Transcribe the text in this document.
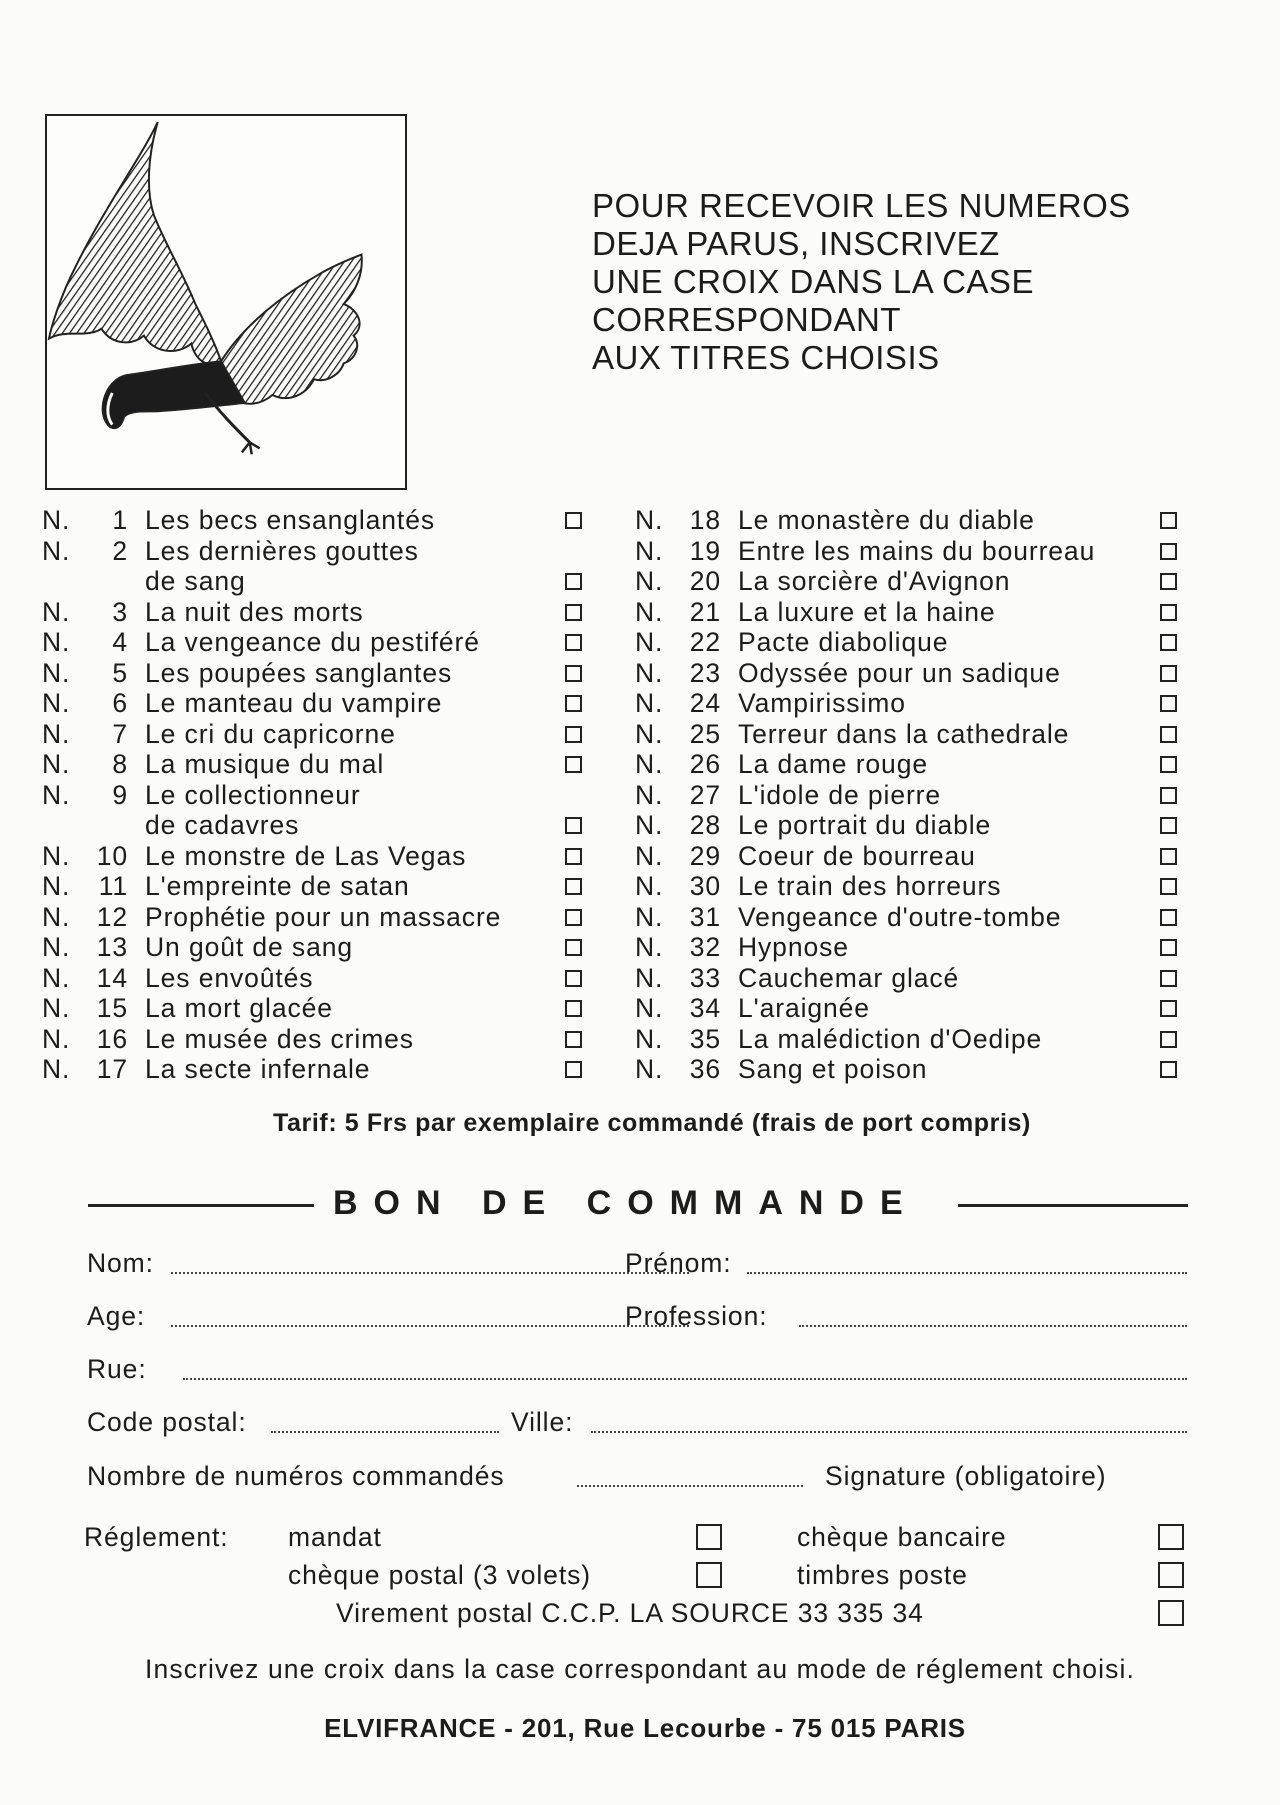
POUR RECEVOIR LES NUMEROS
DEJA PARUS, INSCRIVEZ
UNE CROIX DANS LA CASE
CORRESPONDANT
AUX TITRES CHOISIS
N. 1 Les becs ensanglantés
N. 2 Les dernières gouttes
de sang
N. 3 La nuit des morts
N. 4 La vengeance du pestiféré
N. 5 Les poupées sanglantes
N. 6 Le manteau du vampire
N. 7 Le cri du capricorne
N. 8 La musique du mal
N. 9 Le collectionneur
de cadavres
N. 10 Le monstre de Las Vegas
N. 11 L'empreinte de satan
N. 12 Prophétie pour un massacre
N. 13 Un goût de sang
N. 14 Les envoûtés
N. 15 La mort glacée
N. 16 Le musée des crimes
N. 17 La secte infernale
N. 18 Le monastère du diable
N. 19 Entre les mains du bourreau
N. 20 La sorcière d'Avignon
N. 21 La luxure et la haine
N. 22 Pacte diabolique
N. 23 Odyssée pour un sadique
N. 24 Vampirissimo
N. 25 Terreur dans la cathedrale
N. 26 La dame rouge
N. 27 L'idole de pierre
N. 28 Le portrait du diable
N. 29 Coeur de bourreau
N. 30 Le train des horreurs
N. 31 Vengeance d'outre-tombe
N. 32 Hypnose
N. 33 Cauchemar glacé
N. 34 L'araignée
N. 35 La malédiction d'Oedipe
N. 36 Sang et poison
Tarif: 5 Frs par exemplaire commandé (frais de port compris)
BON DE COMMANDE
Nom:	Prénom:
Age:	Profession:
Rue:
Code postal:	Ville:
Nombre de numéros commandés	Signature (obligatoire)
Réglement: mandat	chèque bancaire
chèque postal (3 volets)	timbres poste
Virement postal C.C.P. LA SOURCE 33 335 34
Inscrivez une croix dans la case correspondant au mode de réglement choisi.
ELVIFRANCE - 201, Rue Lecourbe - 75 015 PARIS
